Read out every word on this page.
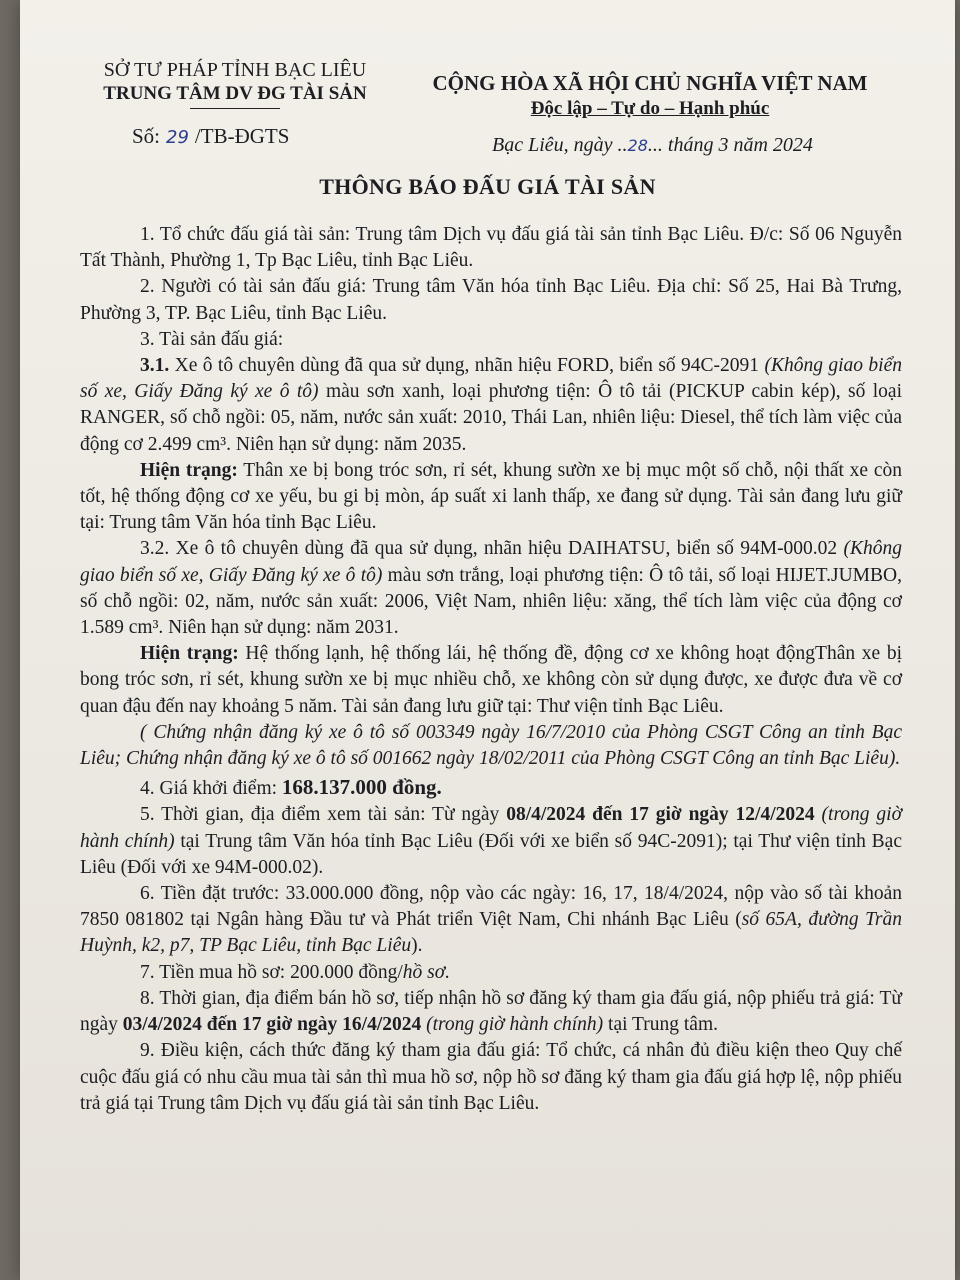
SỞ TƯ PHÁP TỈNH BẠC LIÊU
TRUNG TÂM DV ĐG TÀI SẢN	CỘNG HÒA XÃ HỘI CHỦ NGHĨA VIỆT NAM
Độc lập – Tự do – Hạnh phúc
Số: 29 /TB-ĐGTS	Bạc Liêu, ngày ..28... tháng 3 năm 2024
THÔNG BÁO ĐẤU GIÁ TÀI SẢN

1. Tổ chức đấu giá tài sản: Trung tâm Dịch vụ đấu giá tài sản tỉnh Bạc Liêu. Đ/c: Số 06 Nguyễn Tất Thành, Phường 1, Tp Bạc Liêu, tỉnh Bạc Liêu.

2. Người có tài sản đấu giá: Trung tâm Văn hóa tỉnh Bạc Liêu. Địa chỉ: Số 25, Hai Bà Trưng, Phường 3, TP. Bạc Liêu, tỉnh Bạc Liêu.

3. Tài sản đấu giá:

3.1. Xe ô tô chuyên dùng đã qua sử dụng, nhãn hiệu FORD, biển số 94C-2091 (Không giao biển số xe, Giấy Đăng ký xe ô tô) màu sơn xanh, loại phương tiện: Ô tô tải (PICKUP cabin kép), số loại RANGER, số chỗ ngồi: 05, năm, nước sản xuất: 2010, Thái Lan, nhiên liệu: Diesel, thể tích làm việc của động cơ 2.499 cm³. Niên hạn sử dụng: năm 2035.

Hiện trạng: Thân xe bị bong tróc sơn, rỉ sét, khung sườn xe bị mục một số chỗ, nội thất xe còn tốt, hệ thống động cơ xe yếu, bu gi bị mòn, áp suất xi lanh thấp, xe đang sử dụng. Tài sản đang lưu giữ tại: Trung tâm Văn hóa tỉnh Bạc Liêu.

3.2. Xe ô tô chuyên dùng đã qua sử dụng, nhãn hiệu DAIHATSU, biển số 94M-000.02 (Không giao biển số xe, Giấy Đăng ký xe ô tô) màu sơn trắng, loại phương tiện: Ô tô tải, số loại HIJET.JUMBO, số chỗ ngồi: 02, năm, nước sản xuất: 2006, Việt Nam, nhiên liệu: xăng, thể tích làm việc của động cơ 1.589 cm³. Niên hạn sử dụng: năm 2031.

Hiện trạng: Hệ thống lạnh, hệ thống lái, hệ thống đề, động cơ xe không hoạt độngThân xe bị bong tróc sơn, rỉ sét, khung sườn xe bị mục nhiều chỗ, xe không còn sử dụng được, xe được đưa về cơ quan đậu đến nay khoảng 5 năm. Tài sản đang lưu giữ tại: Thư viện tỉnh Bạc Liêu.

( Chứng nhận đăng ký xe ô tô số 003349 ngày 16/7/2010 của Phòng CSGT Công an tỉnh Bạc Liêu; Chứng nhận đăng ký xe ô tô số 001662 ngày 18/02/2011 của Phòng CSGT Công an tỉnh Bạc Liêu).

4. Giá khởi điểm: 168.137.000 đồng.

5. Thời gian, địa điểm xem tài sản: Từ ngày 08/4/2024 đến 17 giờ ngày 12/4/2024 (trong giờ hành chính) tại Trung tâm Văn hóa tỉnh Bạc Liêu (Đối với xe biển số 94C-2091); tại Thư viện tỉnh Bạc Liêu (Đối với xe 94M-000.02).

6. Tiền đặt trước: 33.000.000 đồng, nộp vào các ngày: 16, 17, 18/4/2024, nộp vào số tài khoản 7850 081802 tại Ngân hàng Đầu tư và Phát triển Việt Nam, Chi nhánh Bạc Liêu (số 65A, đường Trần Huỳnh, k2, p7, TP Bạc Liêu, tỉnh Bạc Liêu).

7. Tiền mua hồ sơ: 200.000 đồng/hồ sơ.

8. Thời gian, địa điểm bán hồ sơ, tiếp nhận hồ sơ đăng ký tham gia đấu giá, nộp phiếu trả giá: Từ ngày 03/4/2024 đến 17 giờ ngày 16/4/2024 (trong giờ hành chính) tại Trung tâm.

9. Điều kiện, cách thức đăng ký tham gia đấu giá: Tổ chức, cá nhân đủ điều kiện theo Quy chế cuộc đấu giá có nhu cầu mua tài sản thì mua hồ sơ, nộp hồ sơ đăng ký tham gia đấu giá hợp lệ, nộp phiếu trả giá tại Trung tâm Dịch vụ đấu giá tài sản tỉnh Bạc Liêu.
